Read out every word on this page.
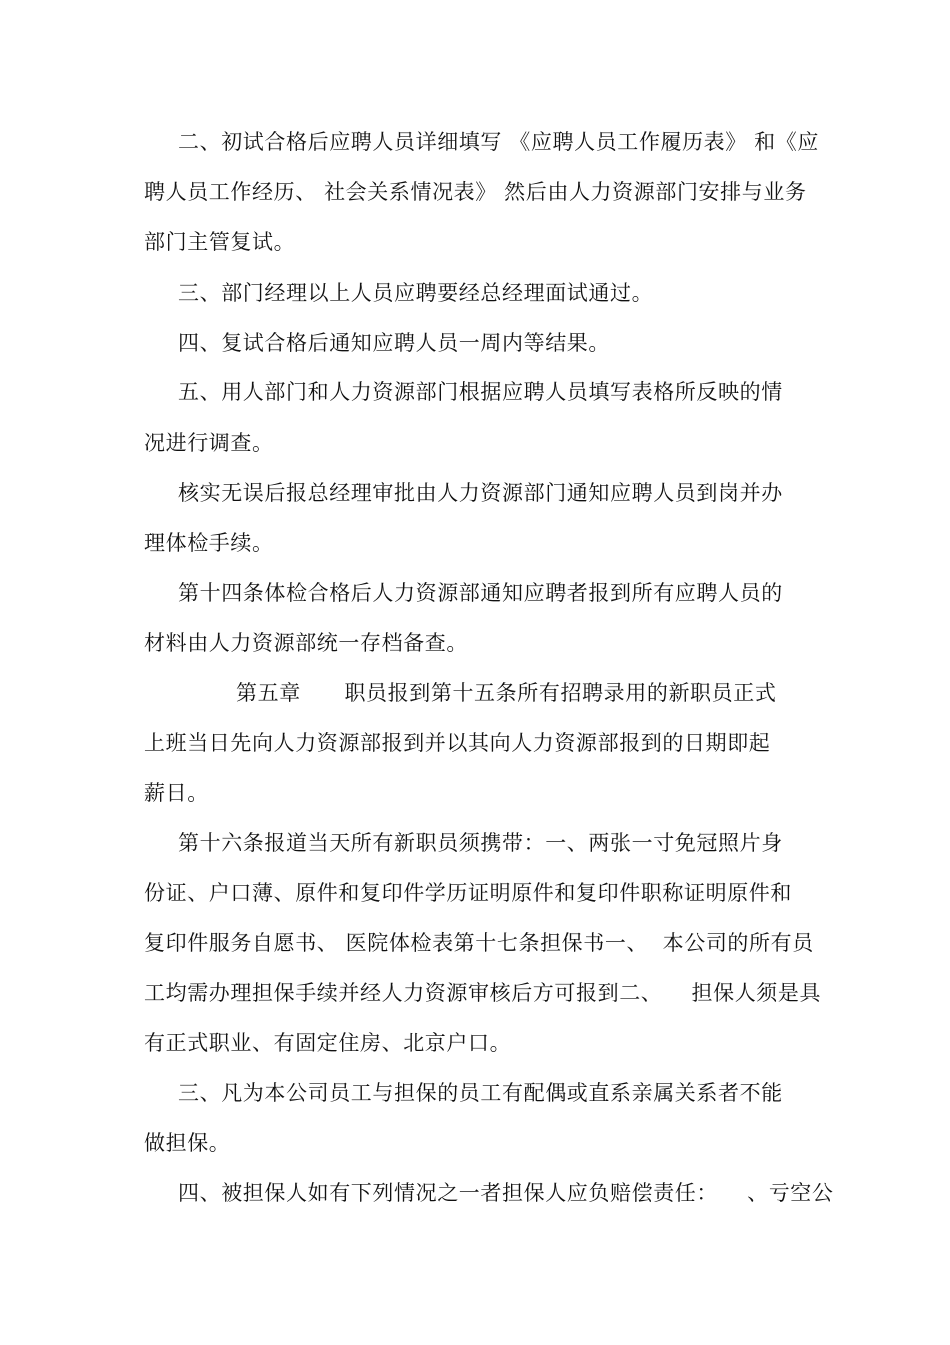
二、初试合格后应聘人员详细填写 《应聘人员工作履历表》 和《应
聘人员工作经历、 社会关系情况表》 然后由人力资源部门安排与业务
部门主管复试。
三、部门经理以上人员应聘要经总经理面试通过。
四、复试合格后通知应聘人员一周内等结果。
五、用人部门和人力资源部门根据应聘人员填写表格所反映的情
况进行调查。
核实无误后报总经理审批由人力资源部门通知应聘人员到岗并办
理体检手续。
第十四条体检合格后人力资源部通知应聘者报到所有应聘人员的
材料由人力资源部统一存档备查。
第五章      职员报到第十五条所有招聘录用的新职员正式
上班当日先向人力资源部报到并以其向人力资源部报到的日期即起
薪日。
第十六条报道当天所有新职员须携带：一、两张一寸免冠照片身
份证、户口薄、原件和复印件学历证明原件和复印件职称证明原件和
复印件服务自愿书、 医院体检表第十七条担保书一、  本公司的所有员
工均需办理担保手续并经人力资源审核后方可报到二、    担保人须是具
有正式职业、有固定住房、北京户口。
三、凡为本公司员工与担保的员工有配偶或直系亲属关系者不能
做担保。
四、被担保人如有下列情况之一者担保人应负赔偿责任：    、亏空公
